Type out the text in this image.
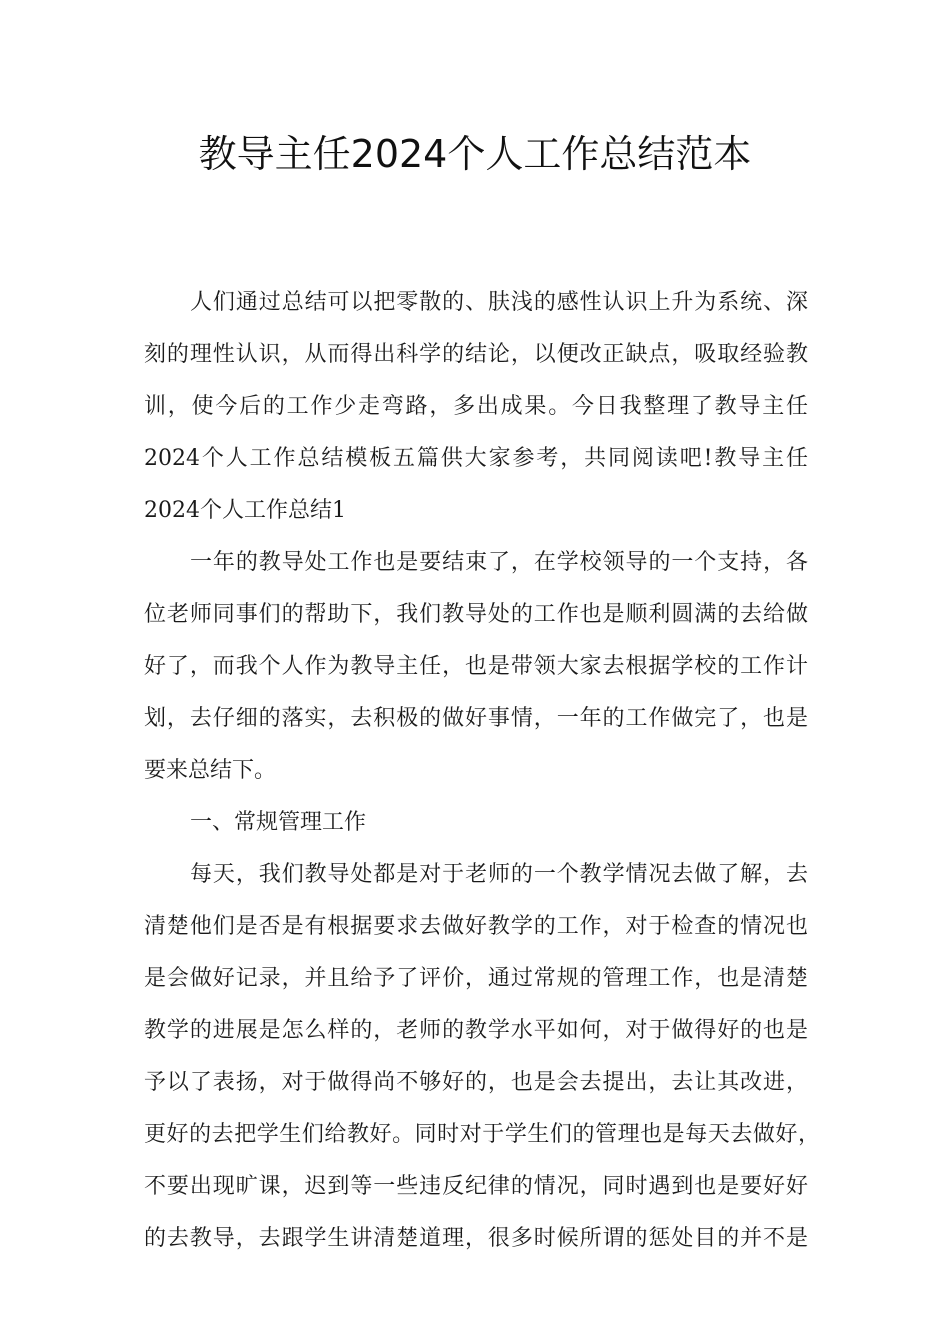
教导主任2024个人工作总结范本

人们通过总结可以把零散的、肤浅的感性认识上升为系统、深

刻的理性认识，从而得出科学的结论，以便改正缺点，吸取经验教

训，使今后的工作少走弯路，多出成果。今日我整理了教导主任

2024个人工作总结模板五篇供大家参考，共同阅读吧!教导主任

2024个人工作总结1

一年的教导处工作也是要结束了，在学校领导的一个支持，各

位老师同事们的帮助下，我们教导处的工作也是顺利圆满的去给做

好了，而我个人作为教导主任，也是带领大家去根据学校的工作计

划，去仔细的落实，去积极的做好事情，一年的工作做完了，也是

要来总结下。

一、常规管理工作

每天，我们教导处都是对于老师的一个教学情况去做了解，去

清楚他们是否是有根据要求去做好教学的工作，对于检查的情况也

是会做好记录，并且给予了评价，通过常规的管理工作，也是清楚

教学的进展是怎么样的，老师的教学水平如何，对于做得好的也是

予以了表扬，对于做得尚不够好的，也是会去提出，去让其改进，

更好的去把学生们给教好。同时对于学生们的管理也是每天去做好，

不要出现旷课，迟到等一些违反纪律的情况，同时遇到也是要好好

的去教导，去跟学生讲清楚道理，很多时候所谓的惩处目的并不是
